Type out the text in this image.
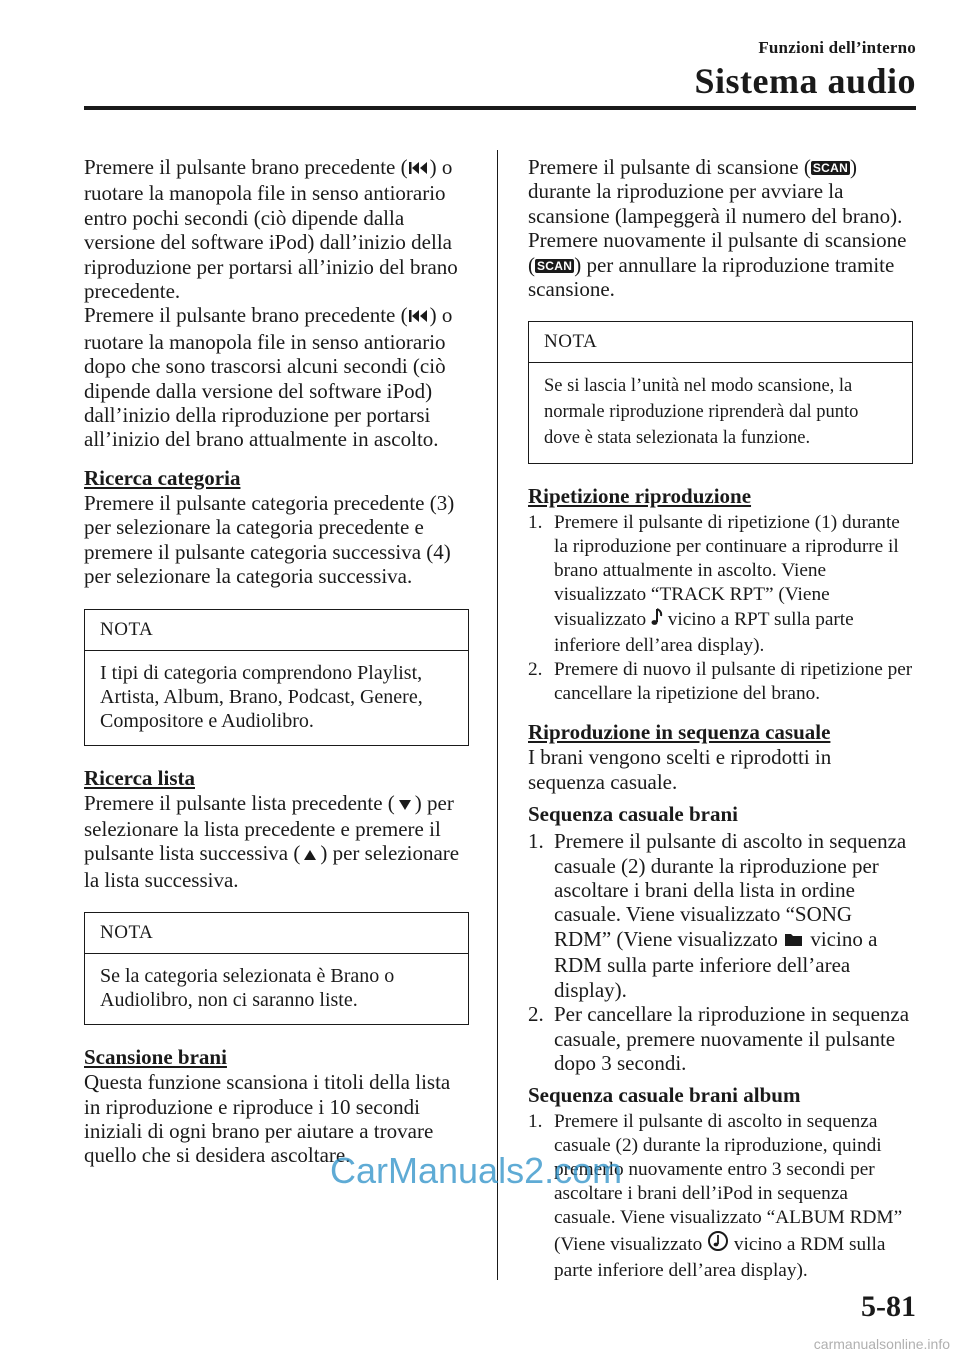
Funzioni dell’interno
Sistema audio

Premere il pulsante brano precedente ( ) o ruotare la manopola file in senso antiorario entro pochi secondi (ciò dipende dalla versione del software iPod) dall’inizio della riproduzione per portarsi all’inizio del brano precedente.

Premere il pulsante brano precedente ( ) o ruotare la manopola file in senso antiorario dopo che sono trascorsi alcuni secondi (ciò dipende dalla versione del software iPod) dall’inizio della riproduzione per portarsi all’inizio del brano attualmente in ascolto.

Ricerca categoria

Premere il pulsante categoria precedente (3) per selezionare la categoria precedente e premere il pulsante categoria successiva (4) per selezionare la categoria successiva.

NOTA
I tipi di categoria comprendono Playlist, Artista, Album, Brano, Podcast, Genere, Compositore e Audiolibro.
Ricerca lista

Premere il pulsante lista precedente ( ) per selezionare la lista precedente e premere il pulsante lista successiva ( ) per selezionare la lista successiva.

NOTA
Se la categoria selezionata è Brano o Audiolibro, non ci saranno liste.
Scansione brani

Questa funzione scansiona i titoli della lista in riproduzione e riproduce i 10 secondi iniziali di ogni brano per aiutare a trovare quello che si desidera ascoltare.

Premere il pulsante di scansione ( SCAN) durante la riproduzione per avviare la scansione (lampeggerà il numero del brano). Premere nuovamente il pulsante di scansione ( SCAN) per annullare la riproduzione tramite scansione.

NOTA
Se si lascia l’unità nel modo scansione, la normale riproduzione riprenderà dal punto dove è stata selezionata la funzione.
Ripetizione riproduzione
1. Premere il pulsante di ripetizione (1) durante la riproduzione per continuare a riprodurre il brano attualmente in ascolto. Viene visualizzato “TRACK RPT” (Viene visualizzato  vicino a RPT sulla parte inferiore dell’area display).
2. Premere di nuovo il pulsante di ripetizione per cancellare la ripetizione del brano.
Riproduzione in sequenza casuale

I brani vengono scelti e riprodotti in sequenza casuale.

Sequenza casuale brani
1. Premere il pulsante di ascolto in sequenza casuale (2) durante la riproduzione per ascoltare i brani della lista in ordine casuale. Viene visualizzato “SONG RDM” (Viene visualizzato  vicino a RDM sulla parte inferiore dell’area display).
2. Per cancellare la riproduzione in sequenza casuale, premere nuovamente il pulsante dopo 3 secondi.
Sequenza casuale brani album
1. Premere il pulsante di ascolto in sequenza casuale (2) durante la riproduzione, quindi premerlo nuovamente entro 3 secondi per ascoltare i brani dell’iPod in sequenza casuale. Viene visualizzato “ALBUM RDM” (Viene visualizzato  vicino a RDM sulla parte inferiore dell’area display).
CarManuals2.com
5-81
carmanualsonline.info
